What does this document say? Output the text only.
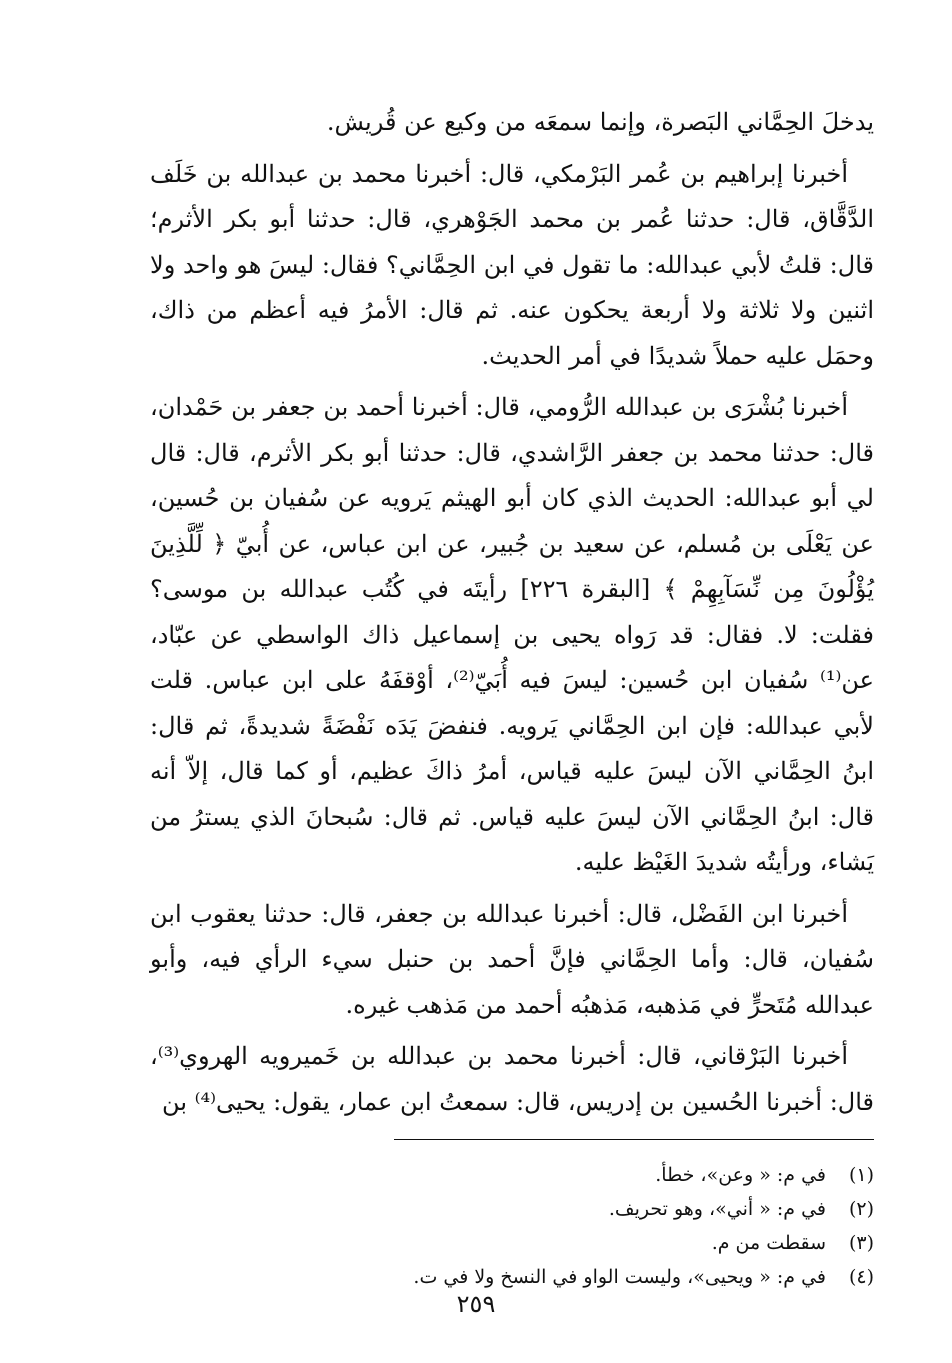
يدخلَ الحِمَّاني البَصرة، وإنما سمعَه من وكيع عن قُريش.

أخبرنا إبراهيم بن عُمر البَرْمكي، قال: أخبرنا محمد بن عبدالله بن خَلَف الدَّقَّاق، قال: حدثنا عُمر بن محمد الجَوْهري، قال: حدثنا أبو بكر الأثرم؛ قال: قلتُ لأبي عبدالله: ما تقول في ابن الحِمَّاني؟ فقال: ليسَ هو واحد ولا اثنين ولا ثلاثة ولا أربعة يحكون عنه. ثم قال: الأمرُ فيه أعظم من ذاك، وحمَل عليه حملاً شديدًا في أمر الحديث.

أخبرنا بُشْرَى بن عبدالله الرُّومي، قال: أخبرنا أحمد بن جعفر بن حَمْدان، قال: حدثنا محمد بن جعفر الرَّاشدي، قال: حدثنا أبو بكر الأثرم، قال: قال لي أبو عبدالله: الحديث الذي كان أبو الهيثم يَرويه عن سُفيان بن حُسين، عن يَعْلَى بن مُسلم، عن سعيد بن جُبير، عن ابن عباس، عن أُبيّ ﴿ لِّلَّذِينَ يُؤْلُونَ مِن نِّسَآبِهِمْ ﴾ [البقرة ٢٢٦] رأيتَه في كُتُب عبدالله بن موسى؟ فقلت: لا. فقال: قد رَواه يحيى بن إسماعيل ذاك الواسطي عن عبّاد، عن⁽¹⁾ سُفيان ابن حُسين: ليسَ فيه أُبَيّ⁽²⁾، أوْقفَهُ على ابن عباس. قلت لأبي عبدالله: فإن ابن الحِمَّاني يَرويه. فنفضَ يَدَه نَفْضَةً شديدةً، ثم قال: ابنُ الحِمَّاني الآن ليسَ عليه قياس، أمرُ ذاكَ عظيم، أو كما قال، إلاّ أنه قال: ابنُ الحِمَّاني الآن ليسَ عليه قياس. ثم قال: سُبحانَ الذي يسترُ من يَشاء، ورأيتُه شديدَ الغَيْظ عليه.

أخبرنا ابن الفَضْل، قال: أخبرنا عبدالله بن جعفر، قال: حدثنا يعقوب ابن سُفيان، قال: وأما الحِمَّاني فإنَّ أحمد بن حنبل سيء الرأي فيه، وأبو عبدالله مُتَحرٍّ في مَذهبه، مَذهبُه أحمد من مَذهب غيره.

أخبرنا البَرْقاني، قال: أخبرنا محمد بن عبدالله بن خَميرويه الهروي⁽³⁾، قال: أخبرنا الحُسين بن إدريس، قال: سمعتُ ابن عمار، يقول: يحيى⁽⁴⁾ بن

(١)في م: « وعن»، خطأ.

(٢)في م: « أني»، وهو تحريف.

(٣)سقطت من م.

(٤)في م: « ويحيى»، وليست الواو في النسخ ولا في ت.

٢٥٩
